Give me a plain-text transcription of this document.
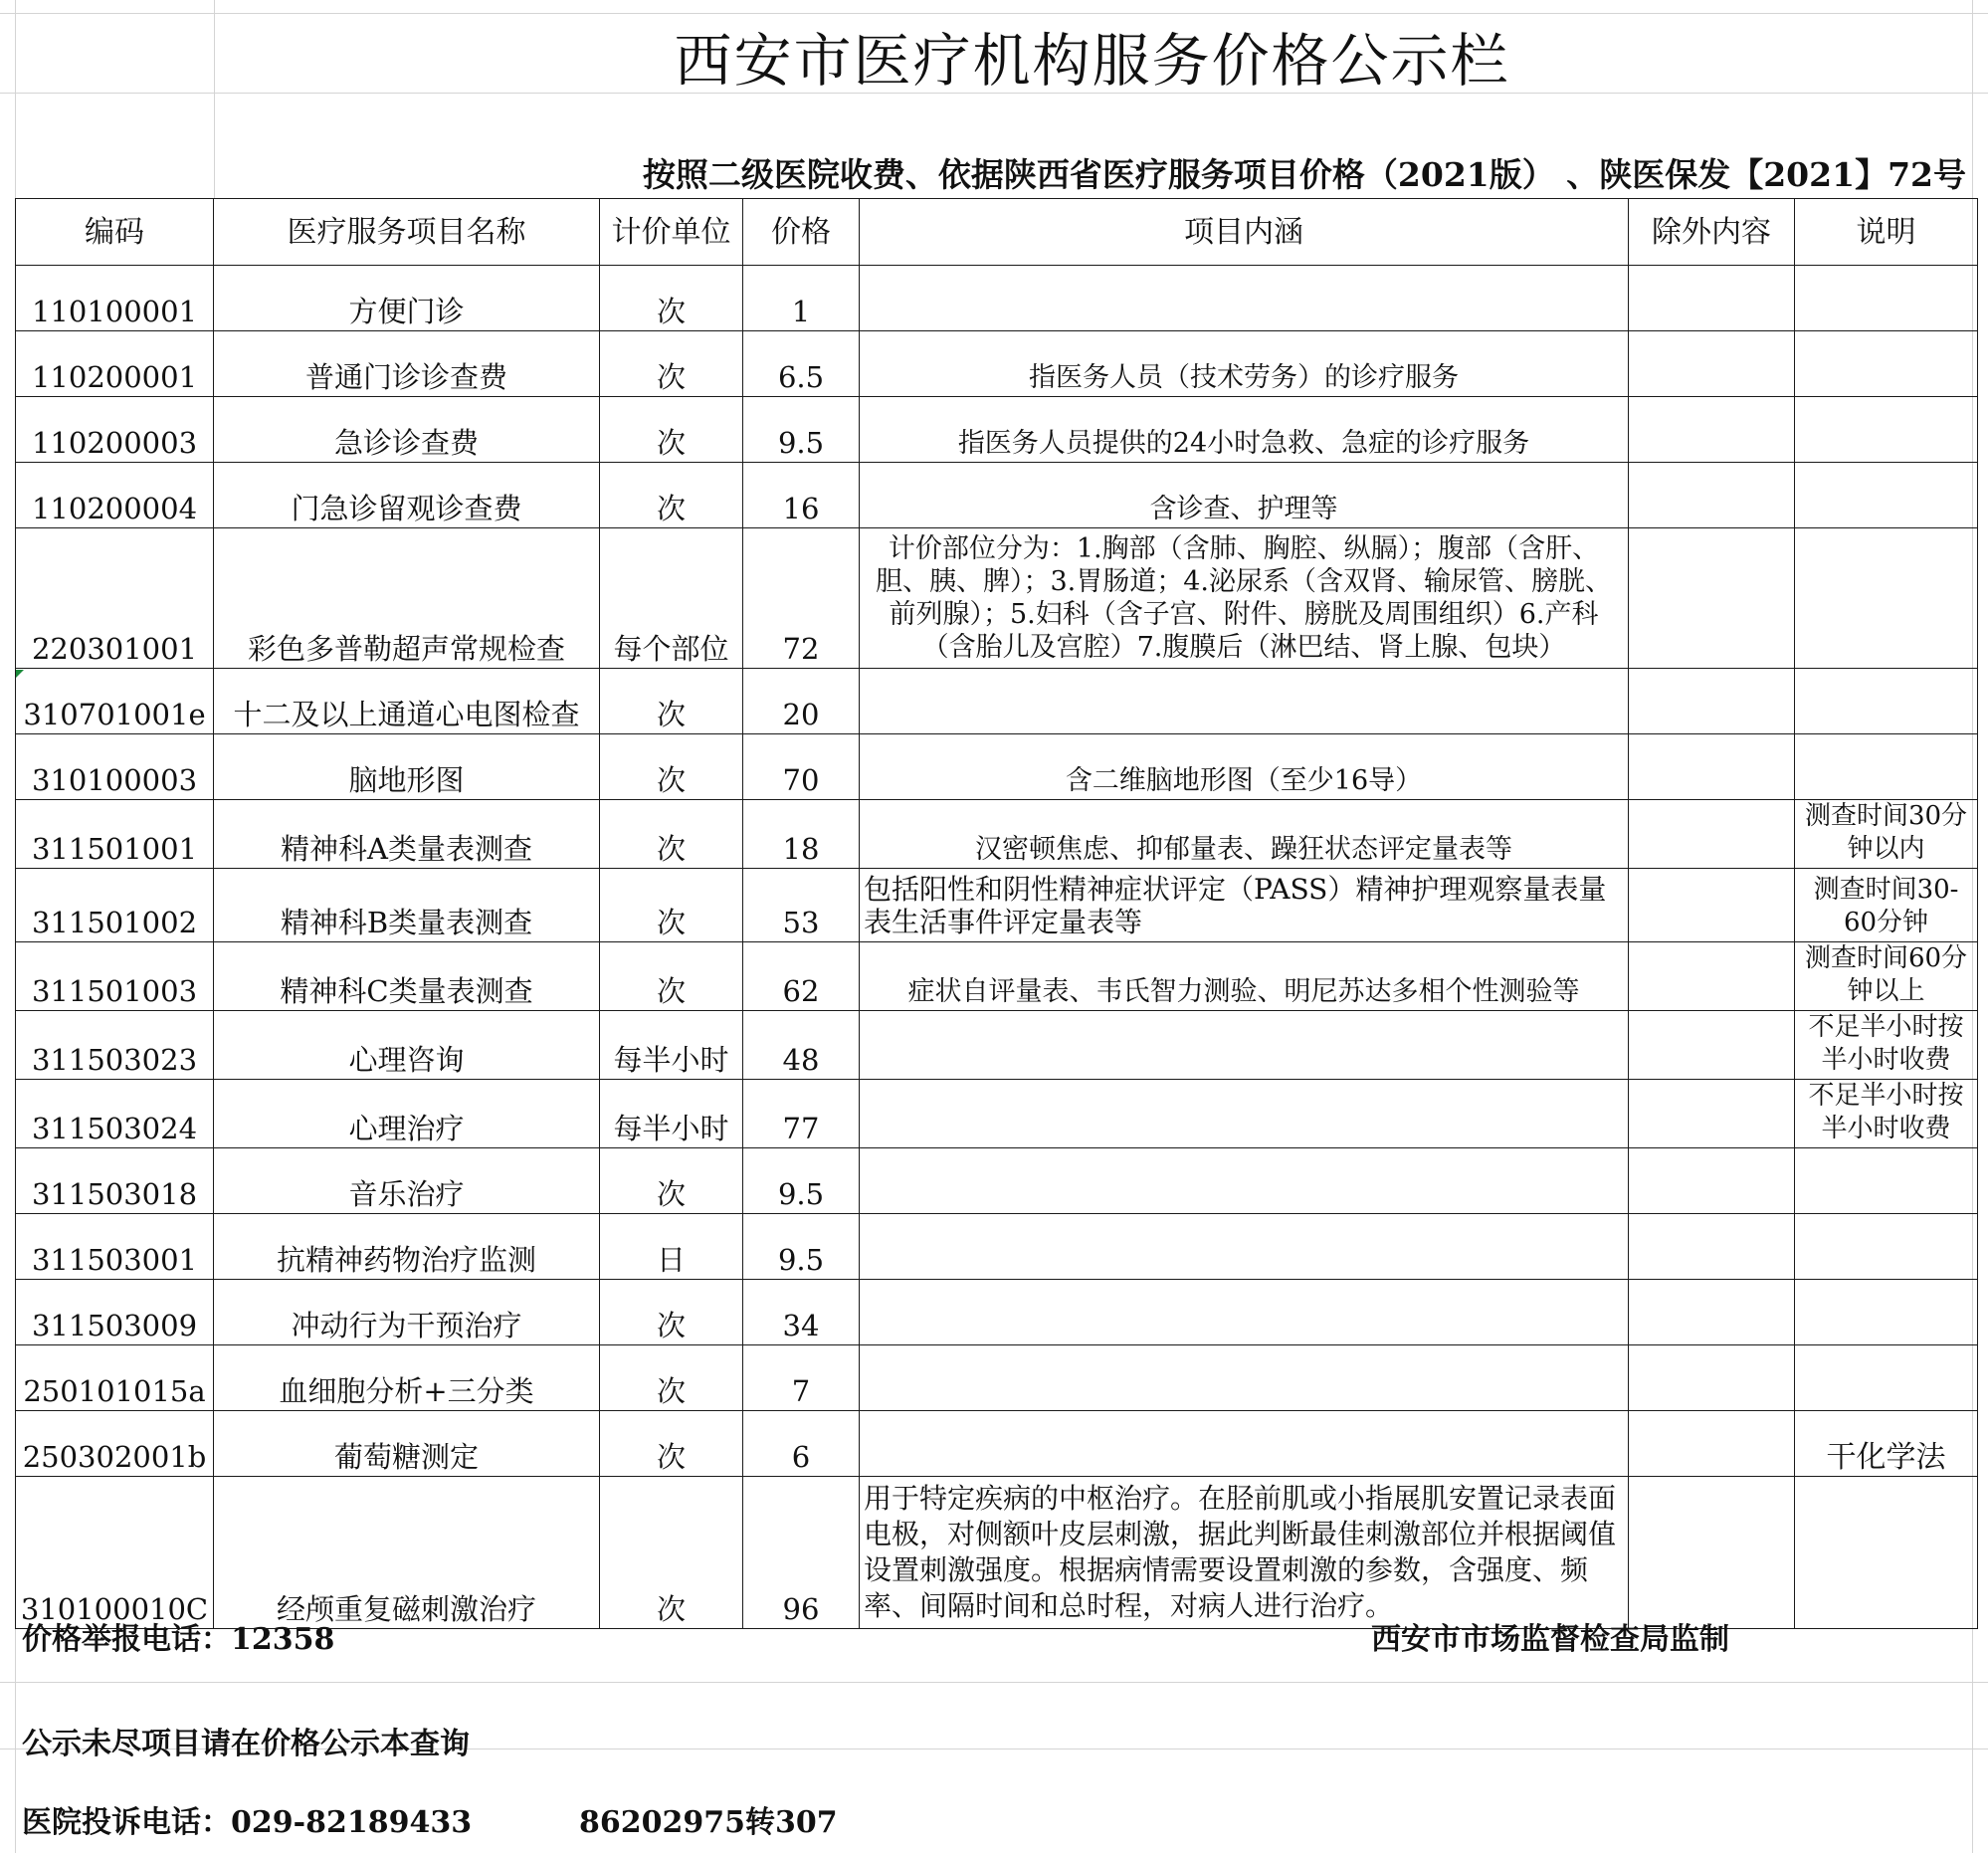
西安市医疗机构服务价格公示栏
按照二级医院收费、依据陕西省医疗服务项目价格（2021版） 、陕医保发【2021】72号
编码	医疗服务项目名称	计价单位	价格	项目内涵	除外内容	说明
110100001	方便门诊	次	1			
110200001	普通门诊诊查费	次	6.5	指医务人员（技术劳务）的诊疗服务		
110200003	急诊诊查费	次	9.5	指医务人员提供的24小时急救、急症的诊疗服务		
110200004	门急诊留观诊查费	次	16	含诊查、护理等		
220301001	彩色多普勒超声常规检查	每个部位	72	计价部位分为：1.胸部（含肺、胸腔、纵膈）；腹部（含肝、胆、胰、脾）；3.胃肠道；4.泌尿系（含双肾、输尿管、膀胱、前列腺）；5.妇科（含子宫、附件、膀胱及周围组织）6.产科（含胎儿及宫腔）7.腹膜后（淋巴结、肾上腺、包块）		
310701001e	十二及以上通道心电图检查	次	20			
310100003	脑地形图	次	70	含二维脑地形图（至少16导）		
311501001	精神科A类量表测查	次	18	汉密顿焦虑、抑郁量表、躁狂状态评定量表等		测查时间30分钟以内
311501002	精神科B类量表测查	次	53	包括阳性和阴性精神症状评定（PASS）精神护理观察量表量表生活事件评定量表等		测查时间30-60分钟
311501003	精神科C类量表测查	次	62	症状自评量表、韦氏智力测验、明尼苏达多相个性测验等		测查时间60分钟以上
311503023	心理咨询	每半小时	48			不足半小时按半小时收费
311503024	心理治疗	每半小时	77			不足半小时按半小时收费
311503018	音乐治疗	次	9.5			
311503001	抗精神药物治疗监测	日	9.5			
311503009	冲动行为干预治疗	次	34			
250101015a	血细胞分析+三分类	次	7			
250302001b	葡萄糖测定	次	6			干化学法
310100010C	经颅重复磁刺激治疗	次	96	用于特定疾病的中枢治疗。在胫前肌或小指展肌安置记录表面电极，对侧额叶皮层刺激，据此判断最佳刺激部位并根据阈值设置刺激强度。根据病情需要设置刺激的参数，含强度、频率、间隔时间和总时程，对病人进行治疗。		
价格举报电话：12358	西安市市场监督检查局监制
公示未尽项目请在价格公示本查询
医院投诉电话：029-82189433	86202975转307
